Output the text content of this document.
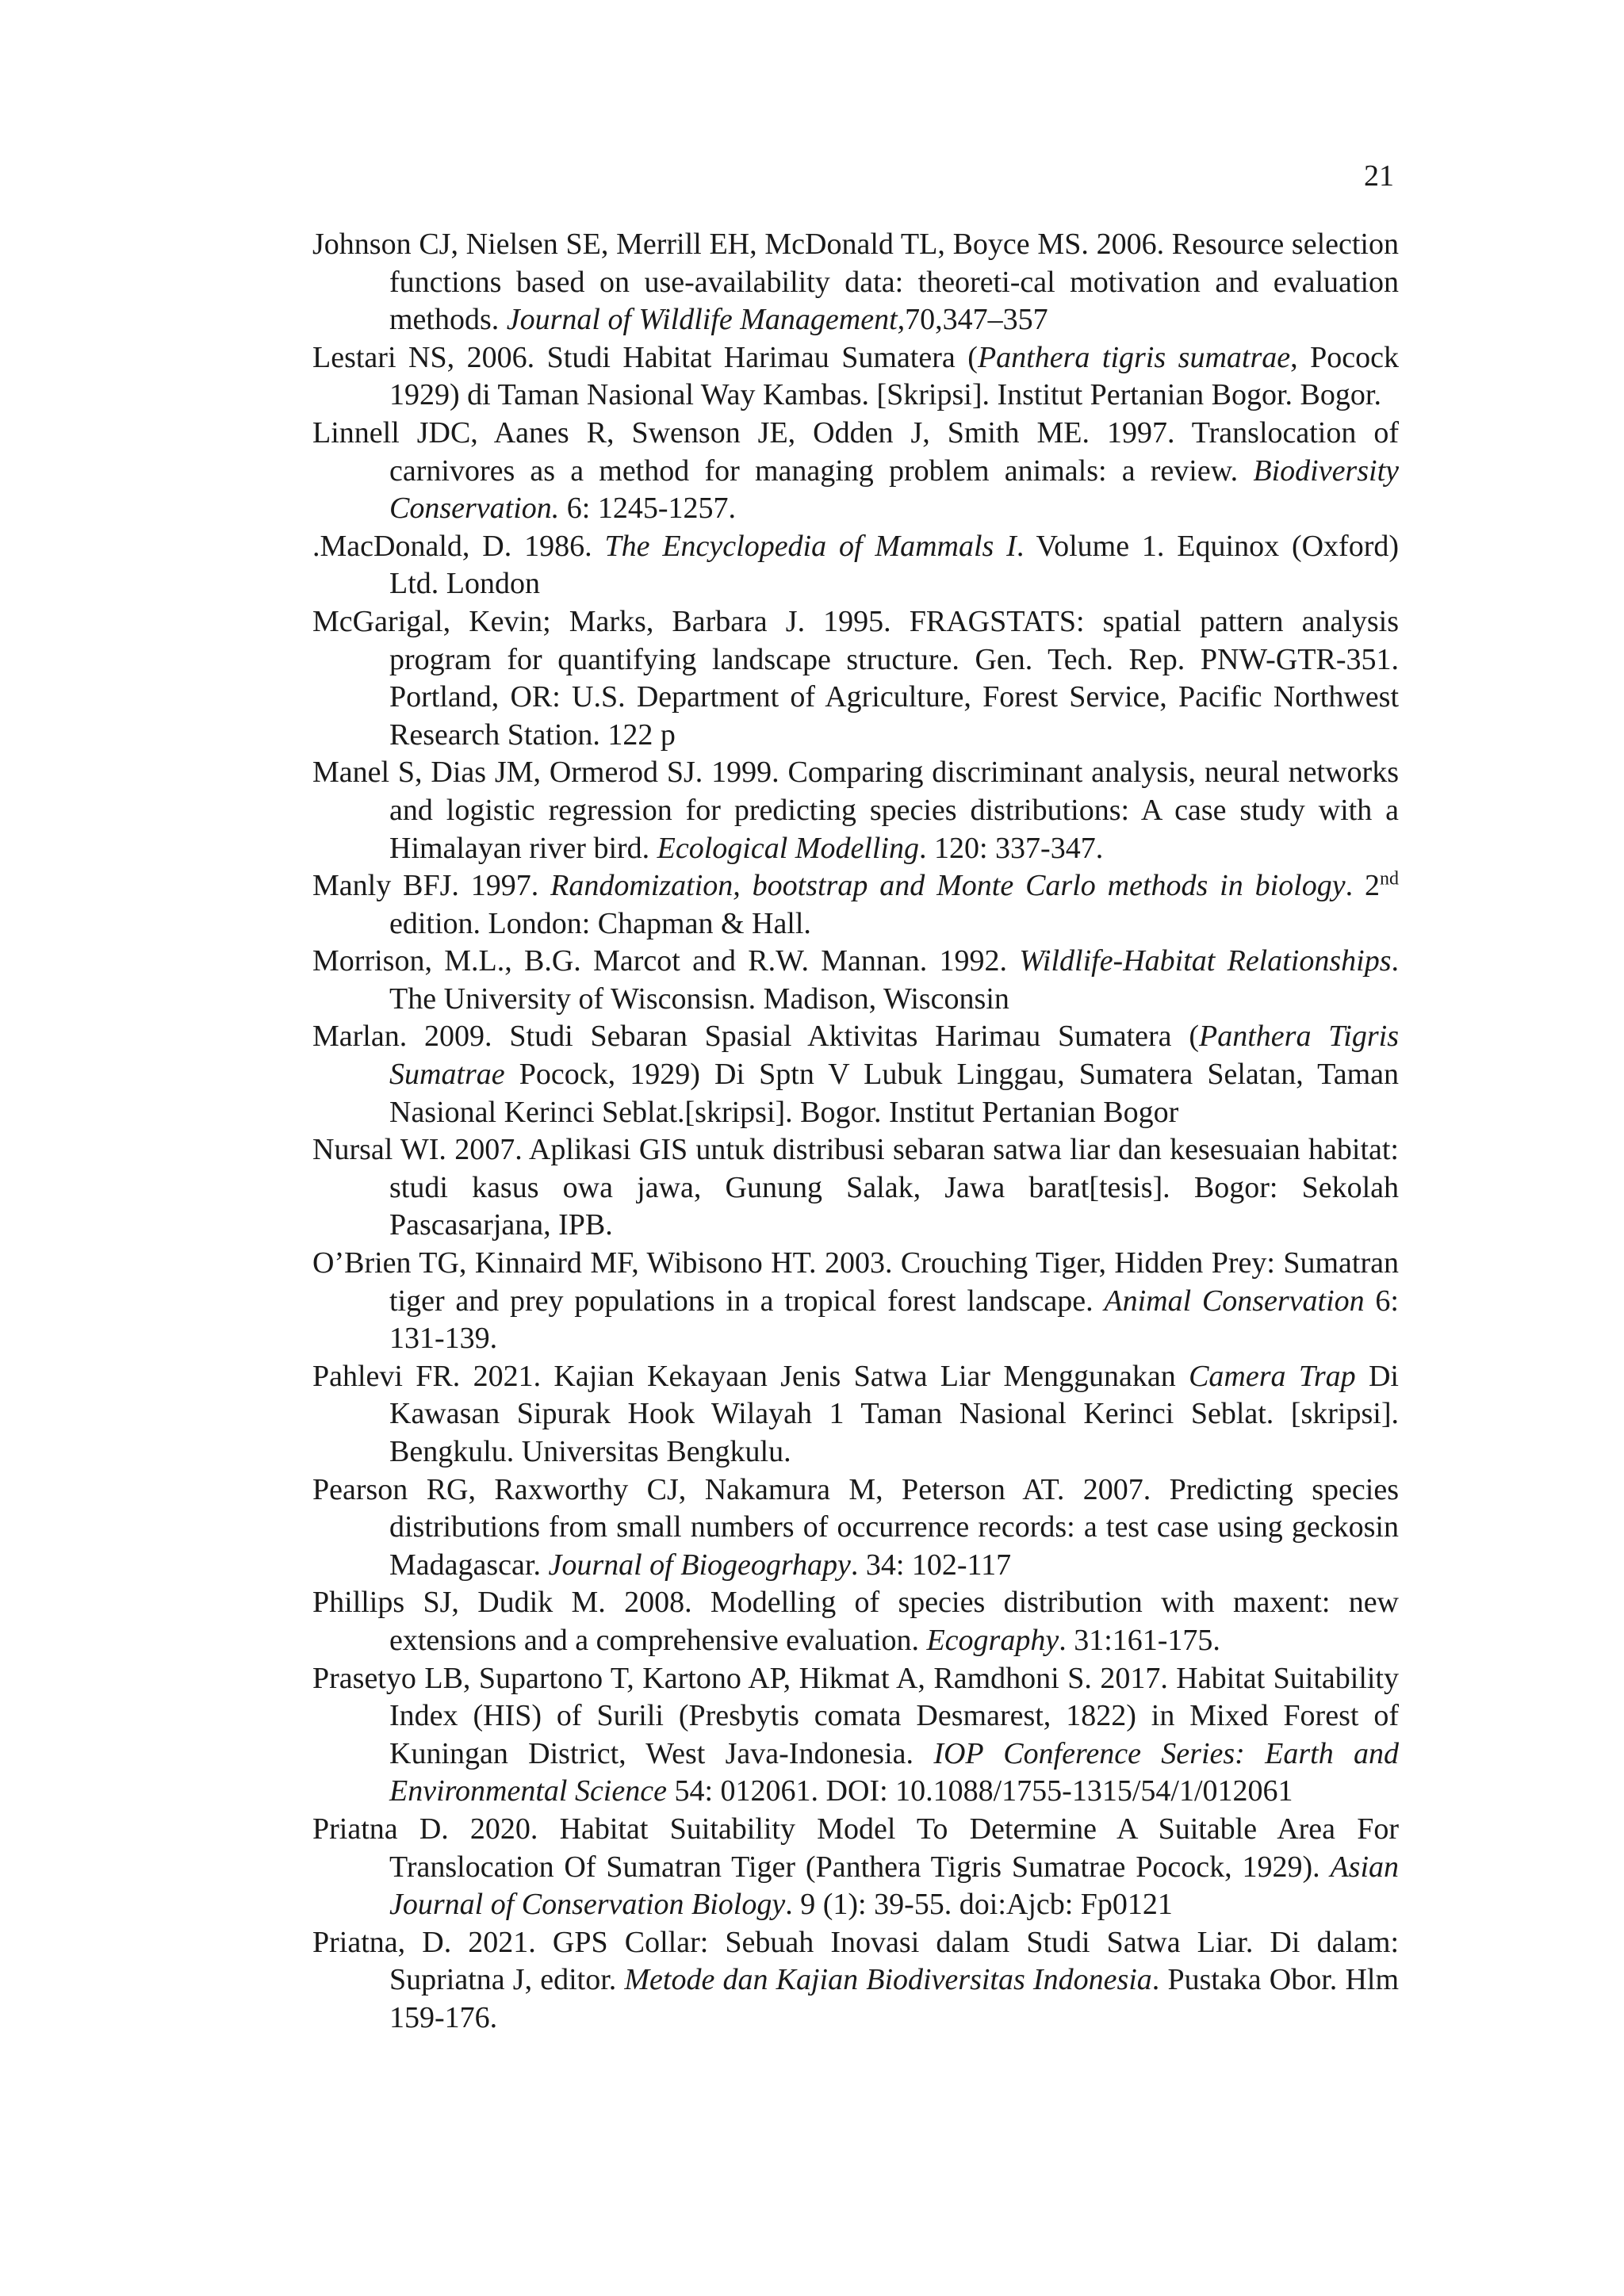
21

Johnson CJ, Nielsen SE, Merrill EH, McDonald TL, Boyce MS. 2006. Resource selection functions based on use-availability data: theoreti-cal motivation and evaluation methods. Journal of Wildlife Management,70,347–357

Lestari NS, 2006. Studi Habitat Harimau Sumatera (Panthera tigris sumatrae, Pocock 1929) di Taman Nasional Way Kambas. [Skripsi]. Institut Pertanian Bogor. Bogor.

Linnell JDC, Aanes R, Swenson JE, Odden J, Smith ME. 1997. Translocation of carnivores as a method for managing problem animals: a review. Biodiversity Conservation. 6: 1245-1257.

.MacDonald, D. 1986. The Encyclopedia of Mammals I. Volume 1. Equinox (Oxford) Ltd. London

McGarigal, Kevin; Marks, Barbara J. 1995. FRAGSTATS: spatial pattern analysis program for quantifying landscape structure. Gen. Tech. Rep. PNW-GTR-351. Portland, OR: U.S. Department of Agriculture, Forest Service, Pacific Northwest Research Station. 122 p

Manel S, Dias JM, Ormerod SJ. 1999. Comparing discriminant analysis, neural networks and logistic regression for predicting species distributions: A case study with a Himalayan river bird. Ecological Modelling. 120: 337-347.

Manly BFJ. 1997. Randomization, bootstrap and Monte Carlo methods in biology. 2nd edition. London: Chapman & Hall.

Morrison, M.L., B.G. Marcot and R.W. Mannan. 1992. Wildlife-Habitat Relationships. The University of Wisconsisn. Madison, Wisconsin

Marlan. 2009. Studi Sebaran Spasial Aktivitas Harimau Sumatera (Panthera Tigris Sumatrae Pocock, 1929) Di Sptn V Lubuk Linggau, Sumatera Selatan, Taman Nasional Kerinci Seblat.[skripsi]. Bogor. Institut Pertanian Bogor

Nursal WI. 2007. Aplikasi GIS untuk distribusi sebaran satwa liar dan kesesuaian habitat: studi kasus owa jawa, Gunung Salak, Jawa barat[tesis]. Bogor: Sekolah Pascasarjana, IPB.

O’Brien TG, Kinnaird MF, Wibisono HT. 2003. Crouching Tiger, Hidden Prey: Sumatran tiger and prey populations in a tropical forest landscape. Animal Conservation 6: 131-139.

Pahlevi FR. 2021. Kajian Kekayaan Jenis Satwa Liar Menggunakan Camera Trap Di Kawasan Sipurak Hook Wilayah 1 Taman Nasional Kerinci Seblat. [skripsi]. Bengkulu. Universitas Bengkulu.

Pearson RG, Raxworthy CJ, Nakamura M, Peterson AT. 2007. Predicting species distributions from small numbers of occurrence records: a test case using geckosin Madagascar. Journal of Biogeogrhapy. 34: 102-117

Phillips SJ, Dudik M. 2008. Modelling of species distribution with maxent: new extensions and a comprehensive evaluation. Ecography. 31:161-175.

Prasetyo LB, Supartono T, Kartono AP, Hikmat A, Ramdhoni S. 2017. Habitat Suitability Index (HIS) of Surili (Presbytis comata Desmarest, 1822) in Mixed Forest of Kuningan District, West Java-Indonesia. IOP Conference Series: Earth and Environmental Science 54: 012061. DOI: 10.1088/1755-1315/54/1/012061

Priatna D. 2020. Habitat Suitability Model To Determine A Suitable Area For Translocation Of Sumatran Tiger (Panthera Tigris Sumatrae Pocock, 1929). Asian Journal of Conservation Biology. 9 (1): 39-55. doi:Ajcb: Fp0121

Priatna, D. 2021. GPS Collar: Sebuah Inovasi dalam Studi Satwa Liar. Di dalam: Supriatna J, editor. Metode dan Kajian Biodiversitas Indonesia. Pustaka Obor. Hlm 159-176.
